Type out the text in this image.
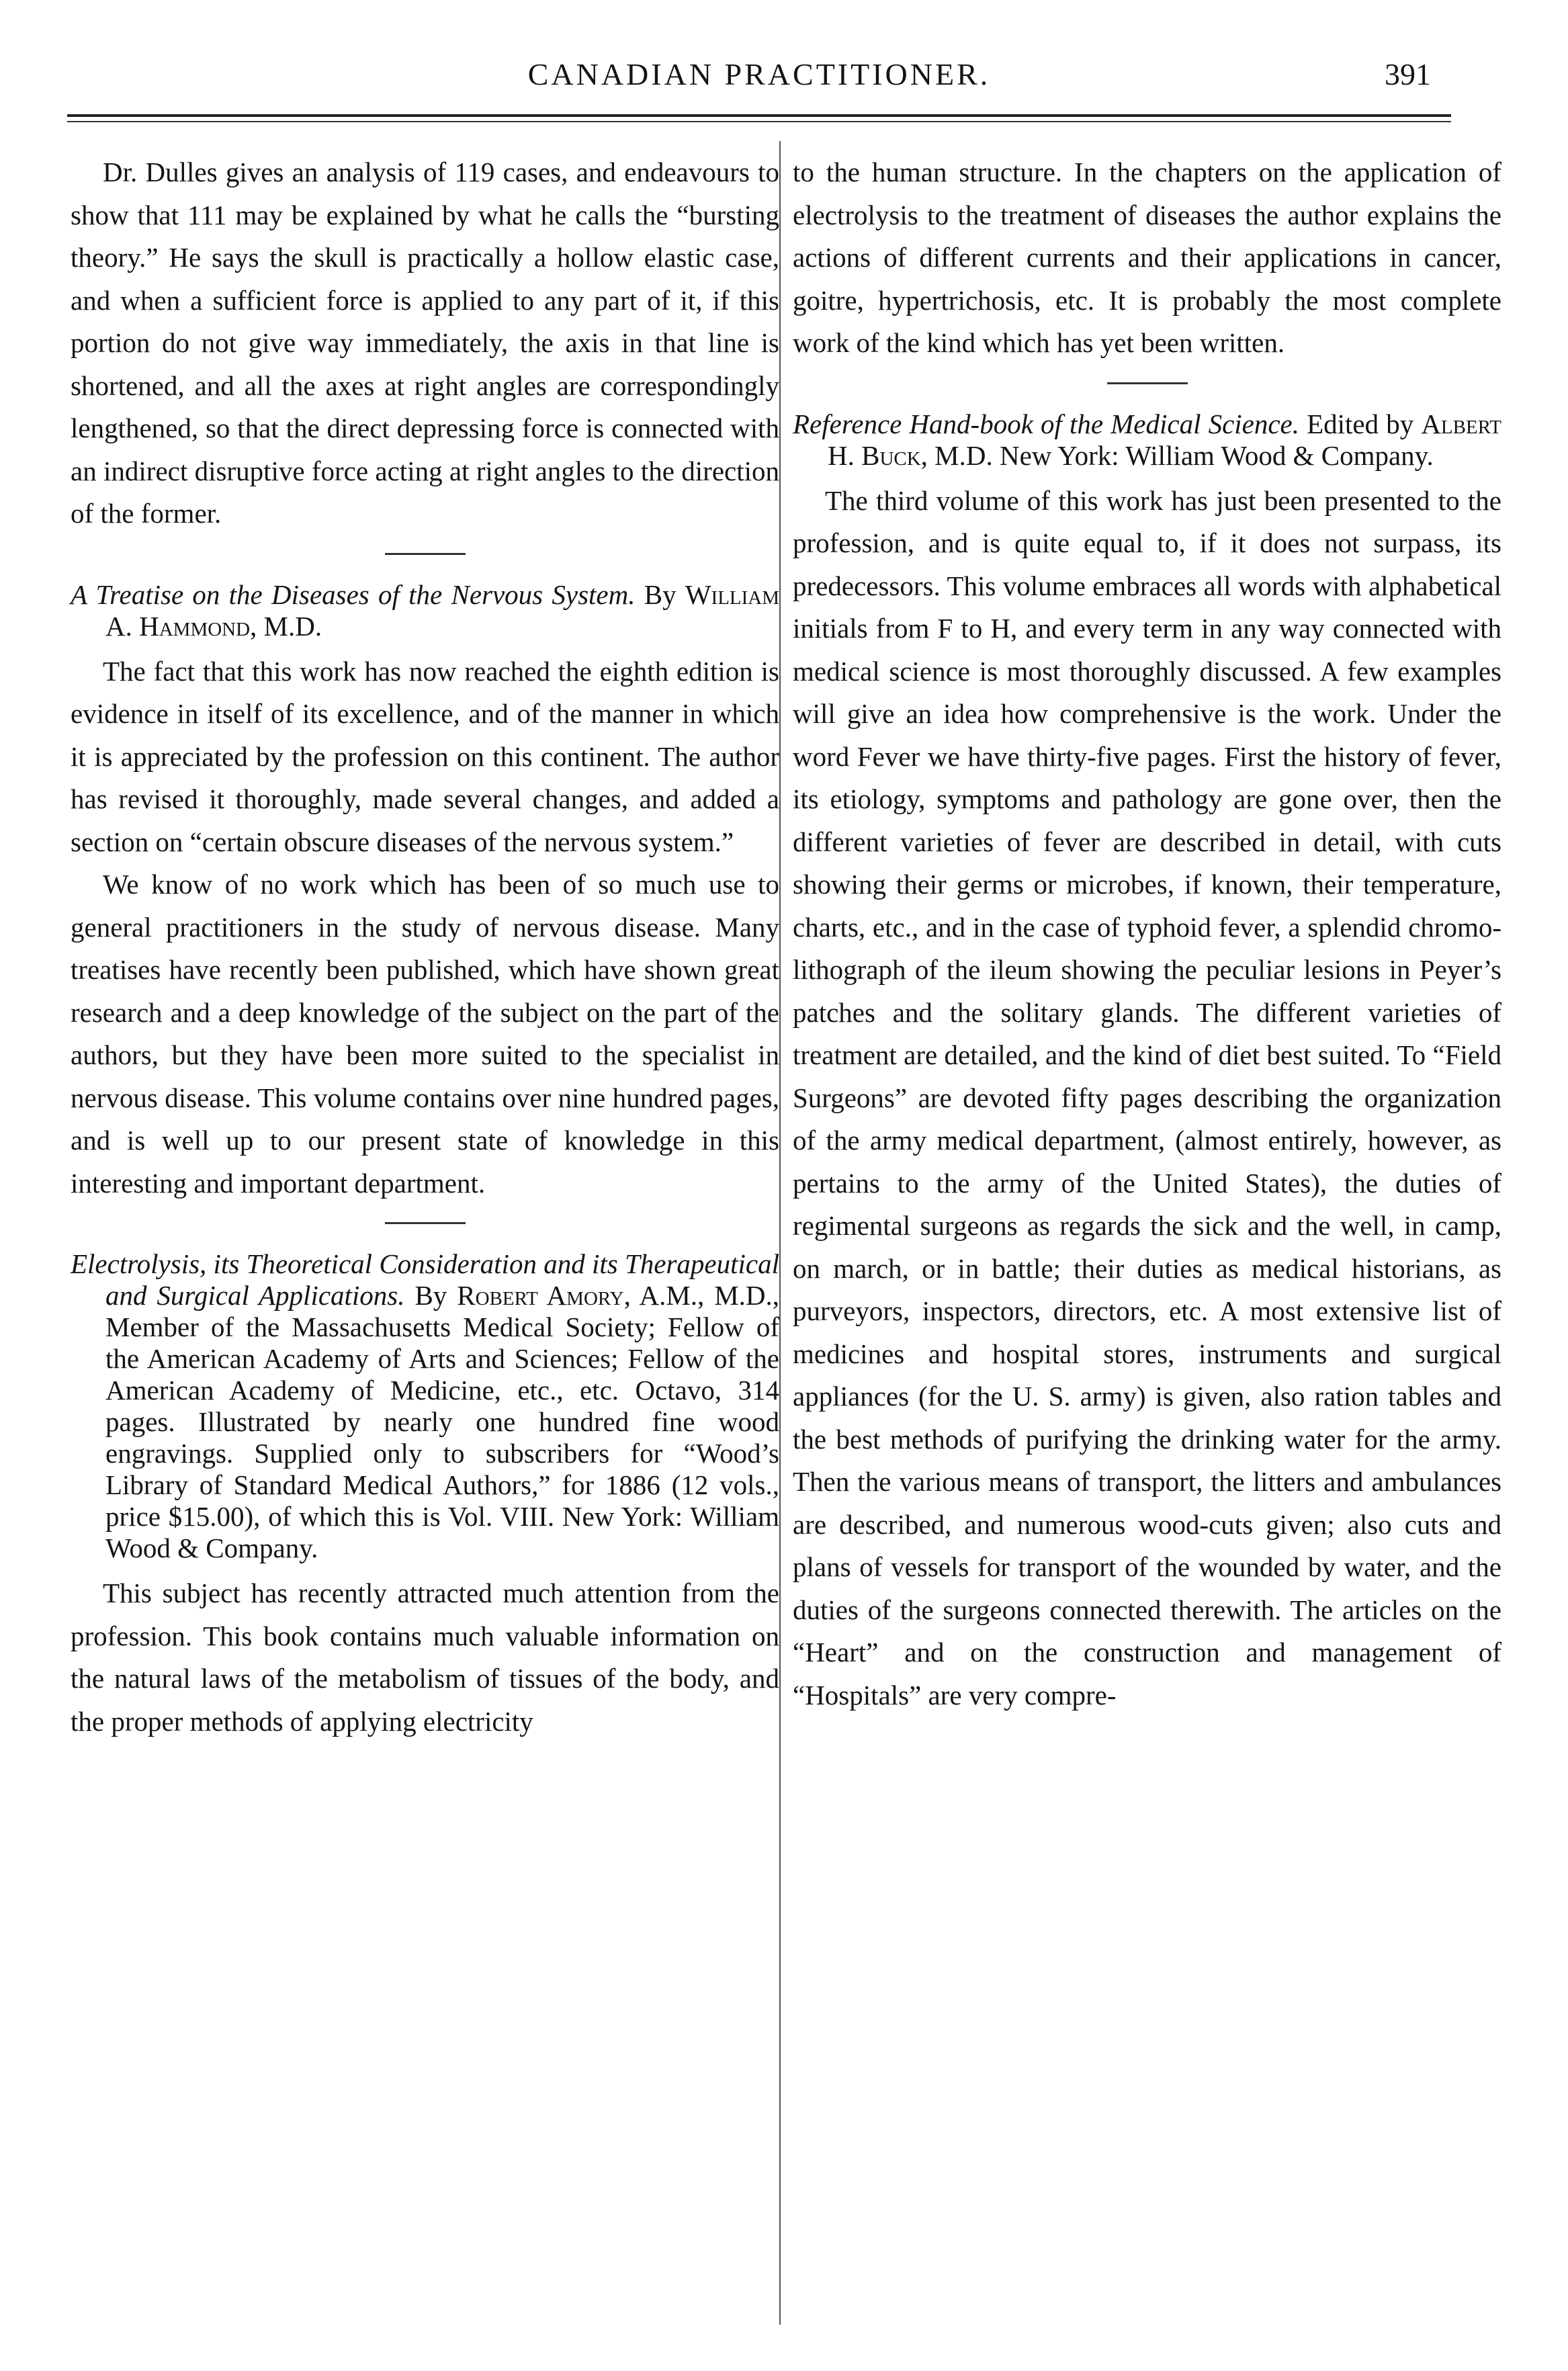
CANADIAN PRACTITIONER.	391

Dr. Dulles gives an analysis of 119 cases, and endeavours to show that 111 may be explained by what he calls the “bursting theory.” He says the skull is practically a hollow elastic case, and when a sufficient force is applied to any part of it, if this portion do not give way immediately, the axis in that line is shortened, and all the axes at right angles are correspondingly lengthened, so that the direct depressing force is connected with an indirect disruptive force acting at right angles to the direction of the former.

A Treatise on the Diseases of the Nervous System. By William A. Hammond, M.D.

The fact that this work has now reached the eighth edition is evidence in itself of its excellence, and of the manner in which it is appreciated by the profession on this continent. The author has revised it thoroughly, made several changes, and added a section on “certain obscure diseases of the nervous system.”

We know of no work which has been of so much use to general practitioners in the study of nervous disease. Many treatises have recently been published, which have shown great research and a deep knowledge of the subject on the part of the authors, but they have been more suited to the specialist in nervous disease. This volume contains over nine hundred pages, and is well up to our present state of knowledge in this interesting and important department.

Electrolysis, its Theoretical Consideration and its Therapeutical and Surgical Applications. By Robert Amory, A.M., M.D., Member of the Massachusetts Medical Society; Fellow of the American Academy of Arts and Sciences; Fellow of the American Academy of Medicine, etc., etc. Octavo, 314 pages. Illustrated by nearly one hundred fine wood engravings. Supplied only to subscribers for “Wood’s Library of Standard Medical Authors,” for 1886 (12 vols., price $15.00), of which this is Vol. VIII. New York: William Wood & Company.

This subject has recently attracted much attention from the profession. This book contains much valuable information on the natural laws of the metabolism of tissues of the body, and the proper methods of applying electricity

to the human structure. In the chapters on the application of electrolysis to the treatment of diseases the author explains the actions of different currents and their applications in cancer, goitre, hypertrichosis, etc. It is probably the most complete work of the kind which has yet been written.

Reference Hand-book of the Medical Science. Edited by Albert H. Buck, M.D. New York: William Wood & Company.

The third volume of this work has just been presented to the profession, and is quite equal to, if it does not surpass, its predecessors. This volume embraces all words with alphabetical initials from F to H, and every term in any way connected with medical science is most thoroughly discussed. A few examples will give an idea how comprehensive is the work. Under the word Fever we have thirty-five pages. First the history of fever, its etiology, symptoms and pathology are gone over, then the different varieties of fever are described in detail, with cuts showing their germs or microbes, if known, their temperature, charts, etc., and in the case of typhoid fever, a splendid chromo-lithograph of the ileum showing the peculiar lesions in Peyer’s patches and the solitary glands. The different varieties of treatment are detailed, and the kind of diet best suited. To “Field Surgeons” are devoted fifty pages describing the organization of the army medical department, (almost entirely, however, as pertains to the army of the United States), the duties of regimental surgeons as regards the sick and the well, in camp, on march, or in battle; their duties as medical historians, as purveyors, inspectors, directors, etc. A most extensive list of medicines and hospital stores, instruments and surgical appliances (for the U. S. army) is given, also ration tables and the best methods of purifying the drinking water for the army. Then the various means of transport, the litters and ambulances are described, and numerous wood-cuts given; also cuts and plans of vessels for transport of the wounded by water, and the duties of the surgeons connected therewith. The articles on the “Heart” and on the construction and management of “Hospitals” are very compre-
